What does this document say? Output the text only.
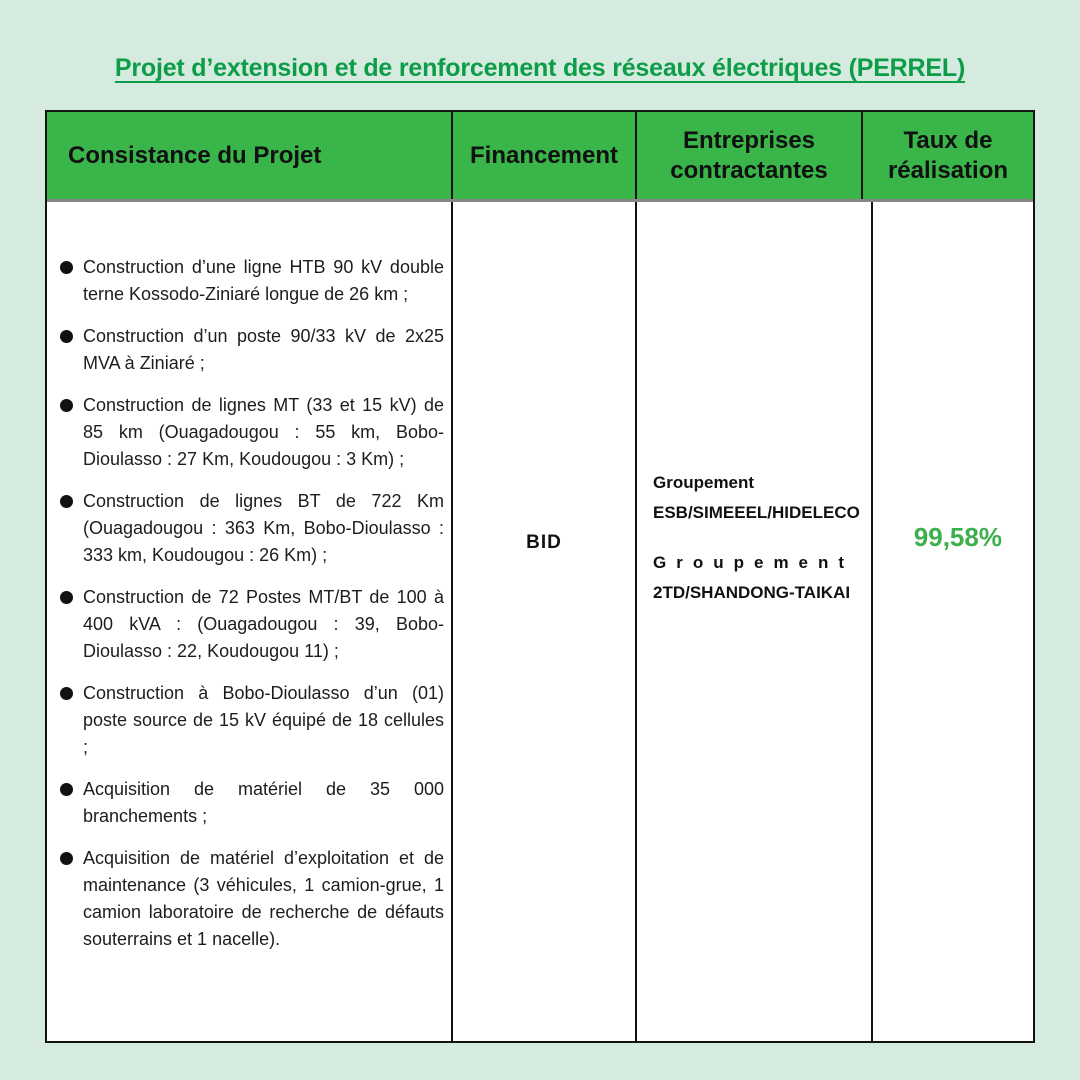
Projet d’extension et de renforcement des réseaux électriques (PERREL)
Consistance du Projet	Financement
Entreprises contractantes
Taux de réalisation
Construction d’une ligne HTB 90 kV double terne Kossodo-Ziniaré longue de 26 km ;
Construction d’un poste 90/33 kV de 2x25 MVA à Ziniaré ;
Construction de lignes MT (33 et 15 kV) de 85 km (Ouagadougou : 55 km, Bobo-Dioulasso : 27 Km, Koudougou : 3 Km) ;
Construction de lignes BT de 722 Km (Ouagadougou : 363 Km, Bobo-Dioulasso : 333 km, Koudougou : 26 Km) ;
Construction de 72 Postes MT/BT de 100 à 400 kVA : (Ouagadougou : 39, Bobo-Dioulasso : 22, Koudougou 11) ;
Construction à Bobo-Dioulasso d’un (01) poste source de 15 kV équipé de 18 cellules ;
Acquisition de matériel de 35 000 branchements ;
Acquisition de matériel d’exploitation et de maintenance (3 véhicules, 1 camion-grue, 1 camion laboratoire de recherche de défauts souterrains et 1 nacelle).
BID
Groupement
ESB/SIMEEEL/HIDELECO
Groupement
2TD/SHANDONG-TAIKAI
99,58%
